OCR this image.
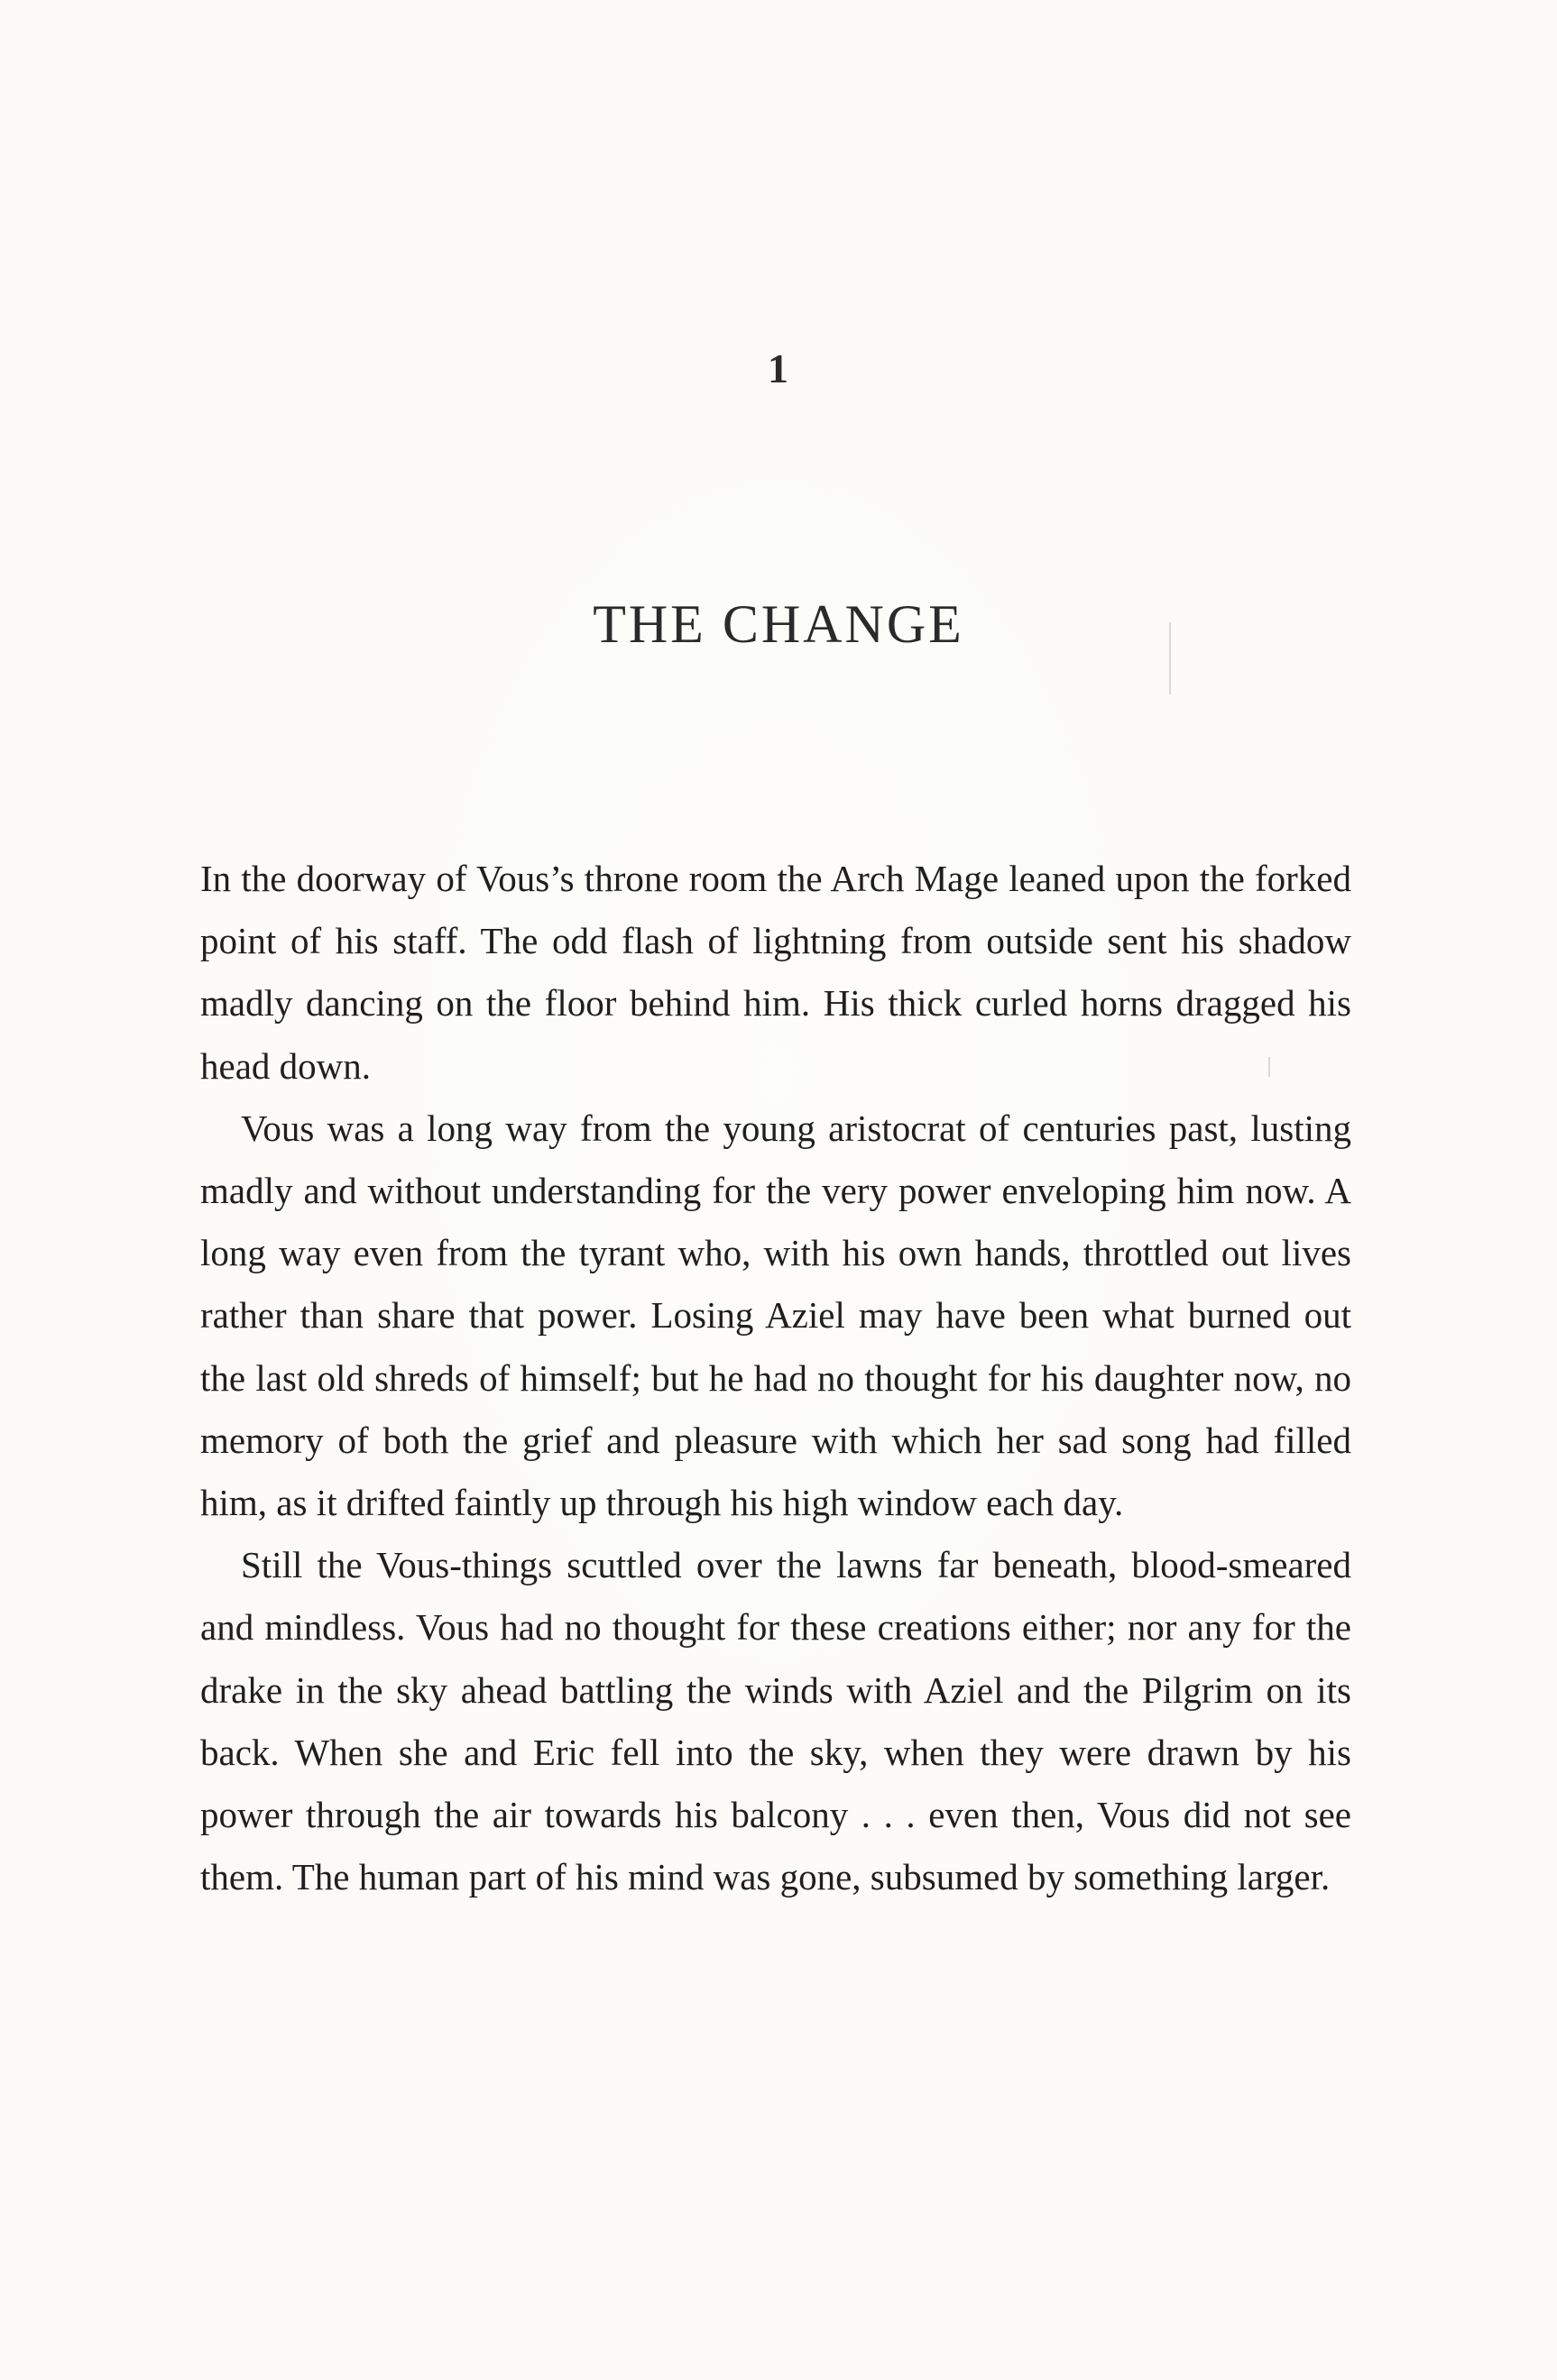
1
THE CHANGE

In the doorway of Vous’s throne room the Arch Mage leaned upon the forked point of his staff. The odd flash of lightning from outside sent his shadow madly dancing on the floor behind him. His thick curled horns dragged his head down.

Vous was a long way from the young aristocrat of centuries past, lusting madly and without understanding for the very power enveloping him now. A long way even from the tyrant who, with his own hands, throttled out lives rather than share that power. Losing Aziel may have been what burned out the last old shreds of himself; but he had no thought for his daughter now, no memory of both the grief and pleasure with which her sad song had filled him, as it drifted faintly up through his high window each day.

Still the Vous-things scuttled over the lawns far beneath, blood-smeared and mindless. Vous had no thought for these creations either; nor any for the drake in the sky ahead battling the winds with Aziel and the Pilgrim on its back. When she and Eric fell into the sky, when they were drawn by his power through the air towards his balcony . . . even then, Vous did not see them. The human part of his mind was gone, subsumed by something larger.
